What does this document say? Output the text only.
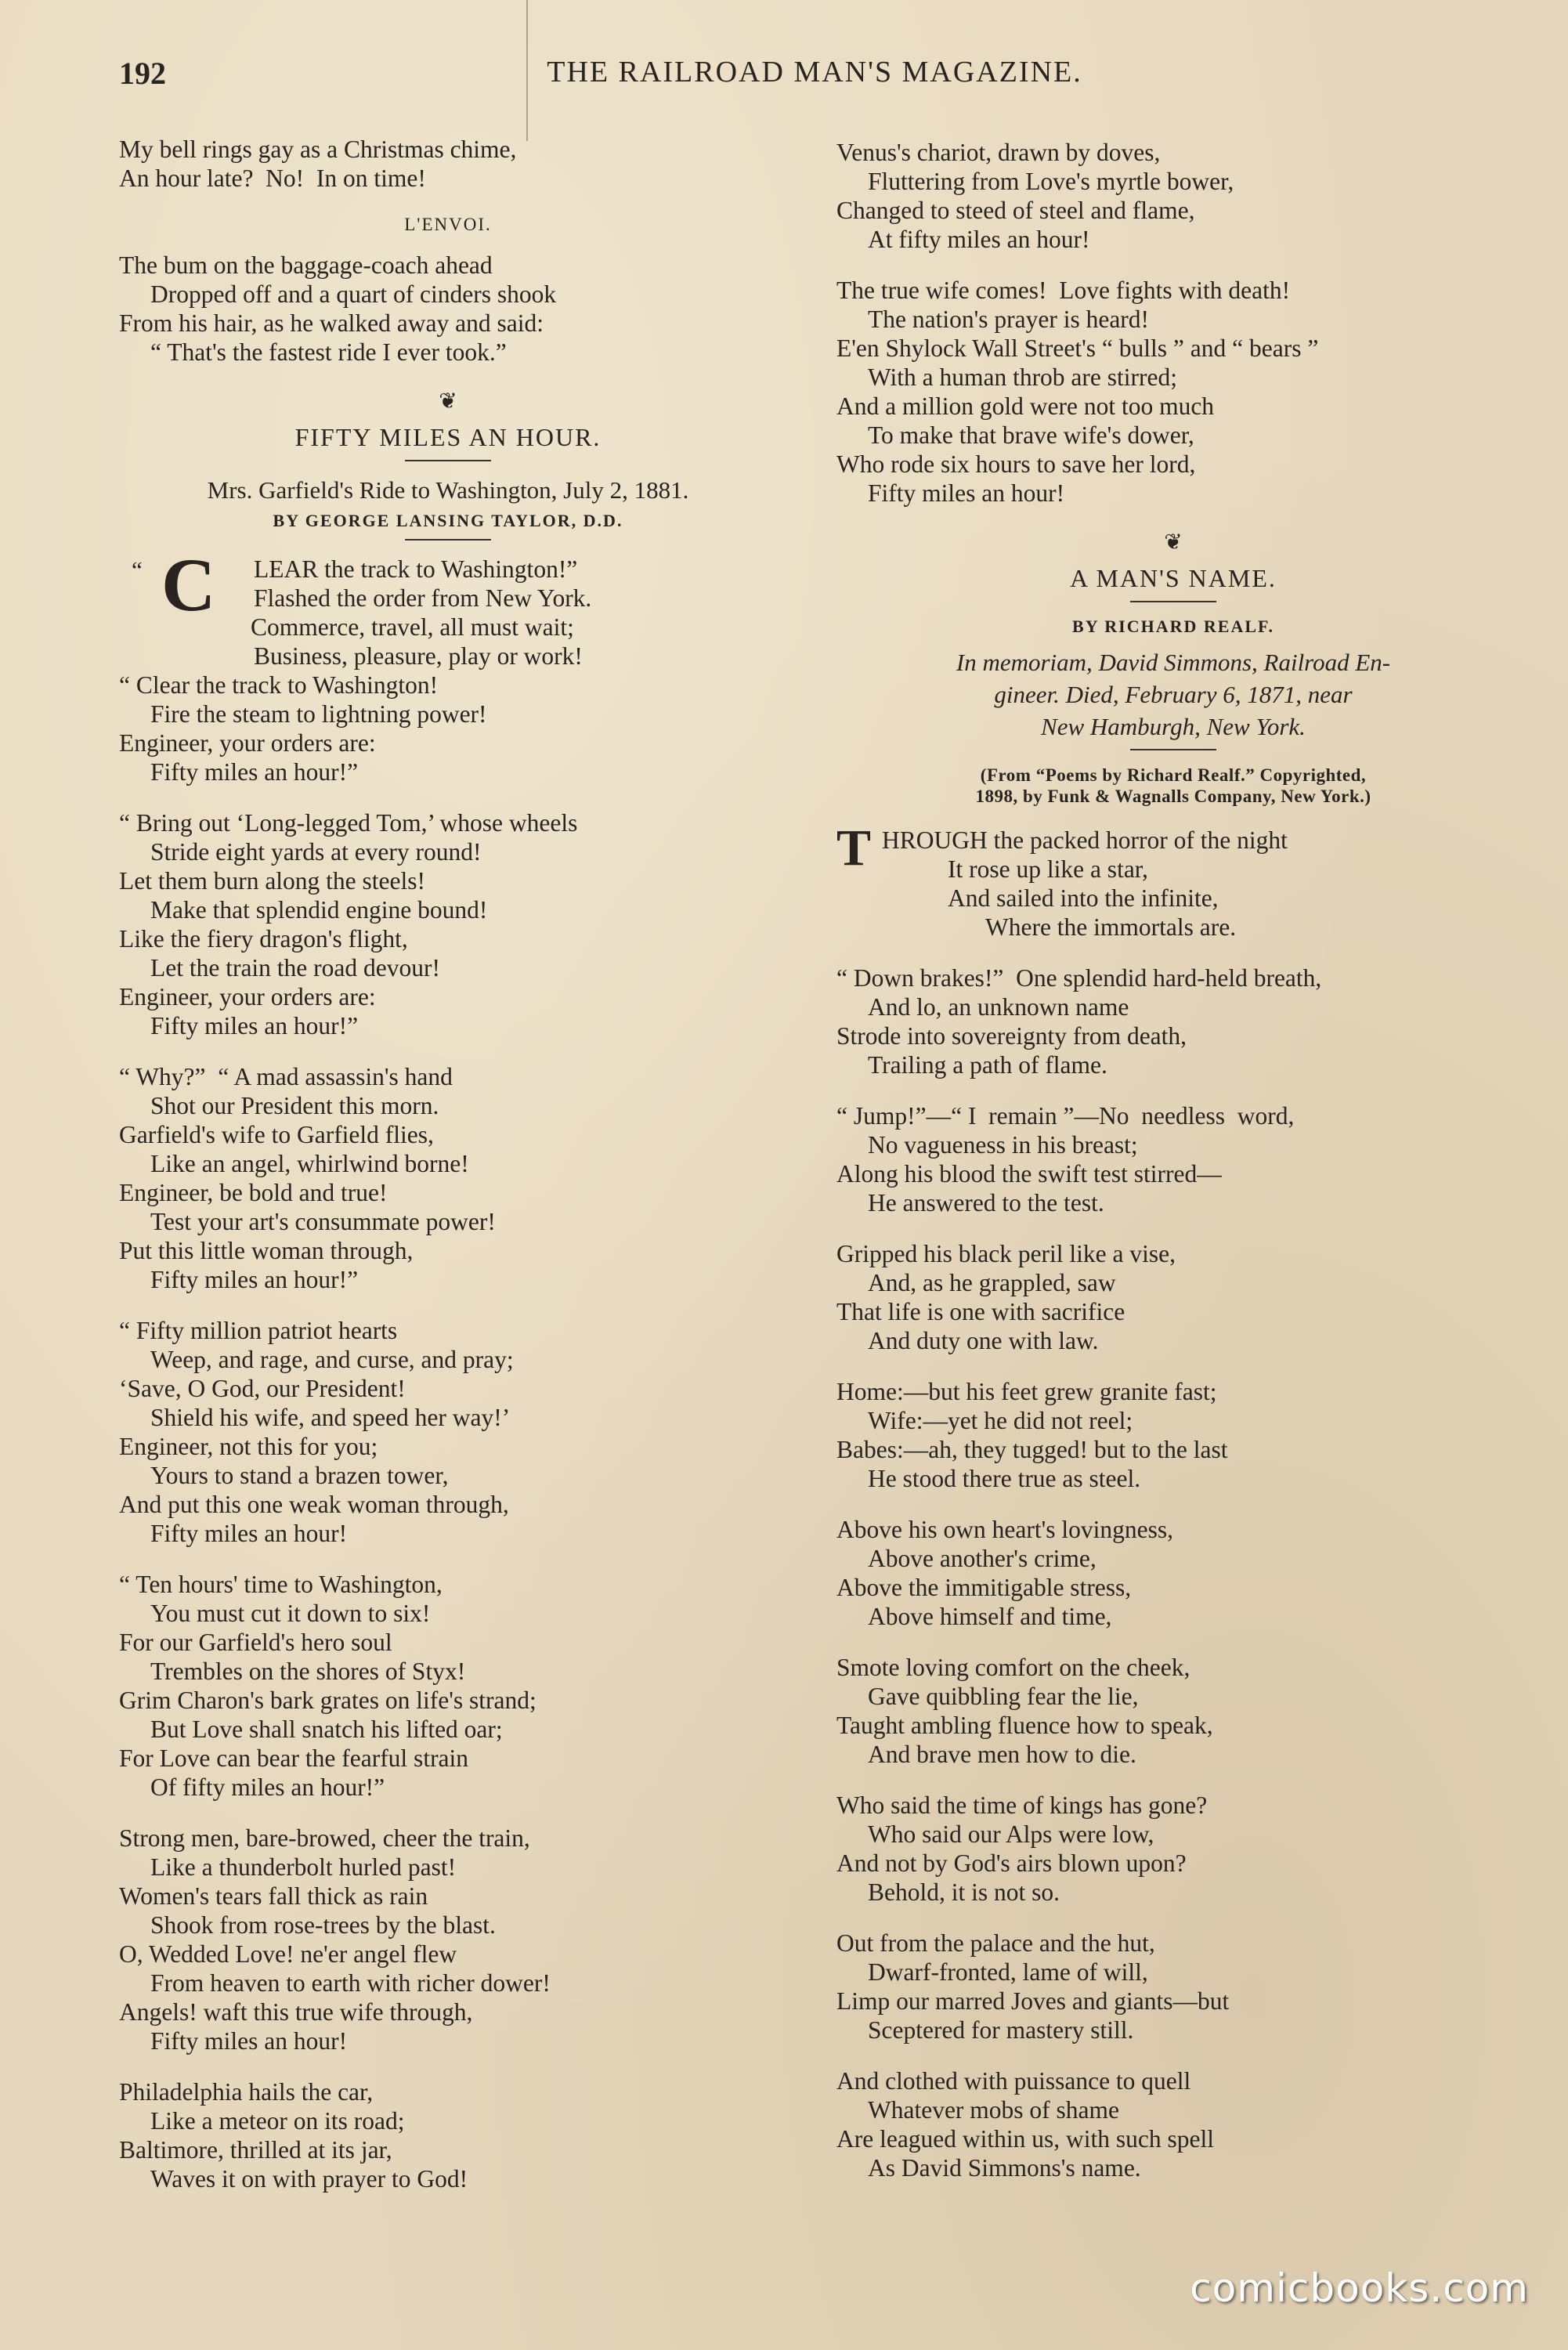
192	THE RAILROAD MAN'S MAGAZINE.
My bell rings gay as a Christmas chime,
An hour late?  No!  In on time!
L'ENVOI.
The bum on the baggage-coach ahead
Dropped off and a quart of cinders shook
From his hair, as he walked away and said:
“ That's the fastest ride I ever took.”
❦
FIFTY MILES AN HOUR.
Mrs. Garfield's Ride to Washington, July 2, 1881.
BY GEORGE LANSING TAYLOR, D.D.
“ C	LEAR the track to Washington!”
Flashed the order from New York.
Commerce, travel, all must wait;
Business, pleasure, play or work!
“ Clear the track to Washington!
Fire the steam to lightning power!
Engineer, your orders are:
Fifty miles an hour!”
“ Bring out ‘Long-legged Tom,’ whose wheels
Stride eight yards at every round!
Let them burn along the steels!
Make that splendid engine bound!
Like the fiery dragon's flight,
Let the train the road devour!
Engineer, your orders are:
Fifty miles an hour!”
“ Why?”  “ A mad assassin's hand
Shot our President this morn.
Garfield's wife to Garfield flies,
Like an angel, whirlwind borne!
Engineer, be bold and true!
Test your art's consummate power!
Put this little woman through,
Fifty miles an hour!”
“ Fifty million patriot hearts
Weep, and rage, and curse, and pray;
‘Save, O God, our President!
Shield his wife, and speed her way!’
Engineer, not this for you;
Yours to stand a brazen tower,
And put this one weak woman through,
Fifty miles an hour!
“ Ten hours' time to Washington,
You must cut it down to six!
For our Garfield's hero soul
Trembles on the shores of Styx!
Grim Charon's bark grates on life's strand;
But Love shall snatch his lifted oar;
For Love can bear the fearful strain
Of fifty miles an hour!”
Strong men, bare-browed, cheer the train,
Like a thunderbolt hurled past!
Women's tears fall thick as rain
Shook from rose-trees by the blast.
O, Wedded Love! ne'er angel flew
From heaven to earth with richer dower!
Angels! waft this true wife through,
Fifty miles an hour!
Philadelphia hails the car,
Like a meteor on its road;
Baltimore, thrilled at its jar,
Waves it on with prayer to God!
Venus's chariot, drawn by doves,
Fluttering from Love's myrtle bower,
Changed to steed of steel and flame,
At fifty miles an hour!
The true wife comes!  Love fights with death!
The nation's prayer is heard!
E'en Shylock Wall Street's “ bulls ” and “ bears ”
With a human throb are stirred;
And a million gold were not too much
To make that brave wife's dower,
Who rode six hours to save her lord,
Fifty miles an hour!
❦
A MAN'S NAME.
BY RICHARD REALF.
In memoriam, David Simmons, Railroad En-
gineer. Died, February 6, 1871, near
New Hamburgh, New York.
(From “Poems by Richard Realf.” Copyrighted,
1898, by Funk & Wagnalls Company, New York.)
T HROUGH the packed horror of the night
It rose up like a star,
And sailed into the infinite,
Where the immortals are.
“ Down brakes!”  One splendid hard-held breath,
And lo, an unknown name
Strode into sovereignty from death,
Trailing a path of flame.
“ Jump!”—“ I  remain ”—No  needless  word,
No vagueness in his breast;
Along his blood the swift test stirred—
He answered to the test.
Gripped his black peril like a vise,
And, as he grappled, saw
That life is one with sacrifice
And duty one with law.
Home:—but his feet grew granite fast;
Wife:—yet he did not reel;
Babes:—ah, they tugged! but to the last
He stood there true as steel.
Above his own heart's lovingness,
Above another's crime,
Above the immitigable stress,
Above himself and time,
Smote loving comfort on the cheek,
Gave quibbling fear the lie,
Taught ambling fluence how to speak,
And brave men how to die.
Who said the time of kings has gone?
Who said our Alps were low,
And not by God's airs blown upon?
Behold, it is not so.
Out from the palace and the hut,
Dwarf-fronted, lame of will,
Limp our marred Joves and giants—but
Sceptered for mastery still.
And clothed with puissance to quell
Whatever mobs of shame
Are leagued within us, with such spell
As David Simmons's name.
comicbooks.com
